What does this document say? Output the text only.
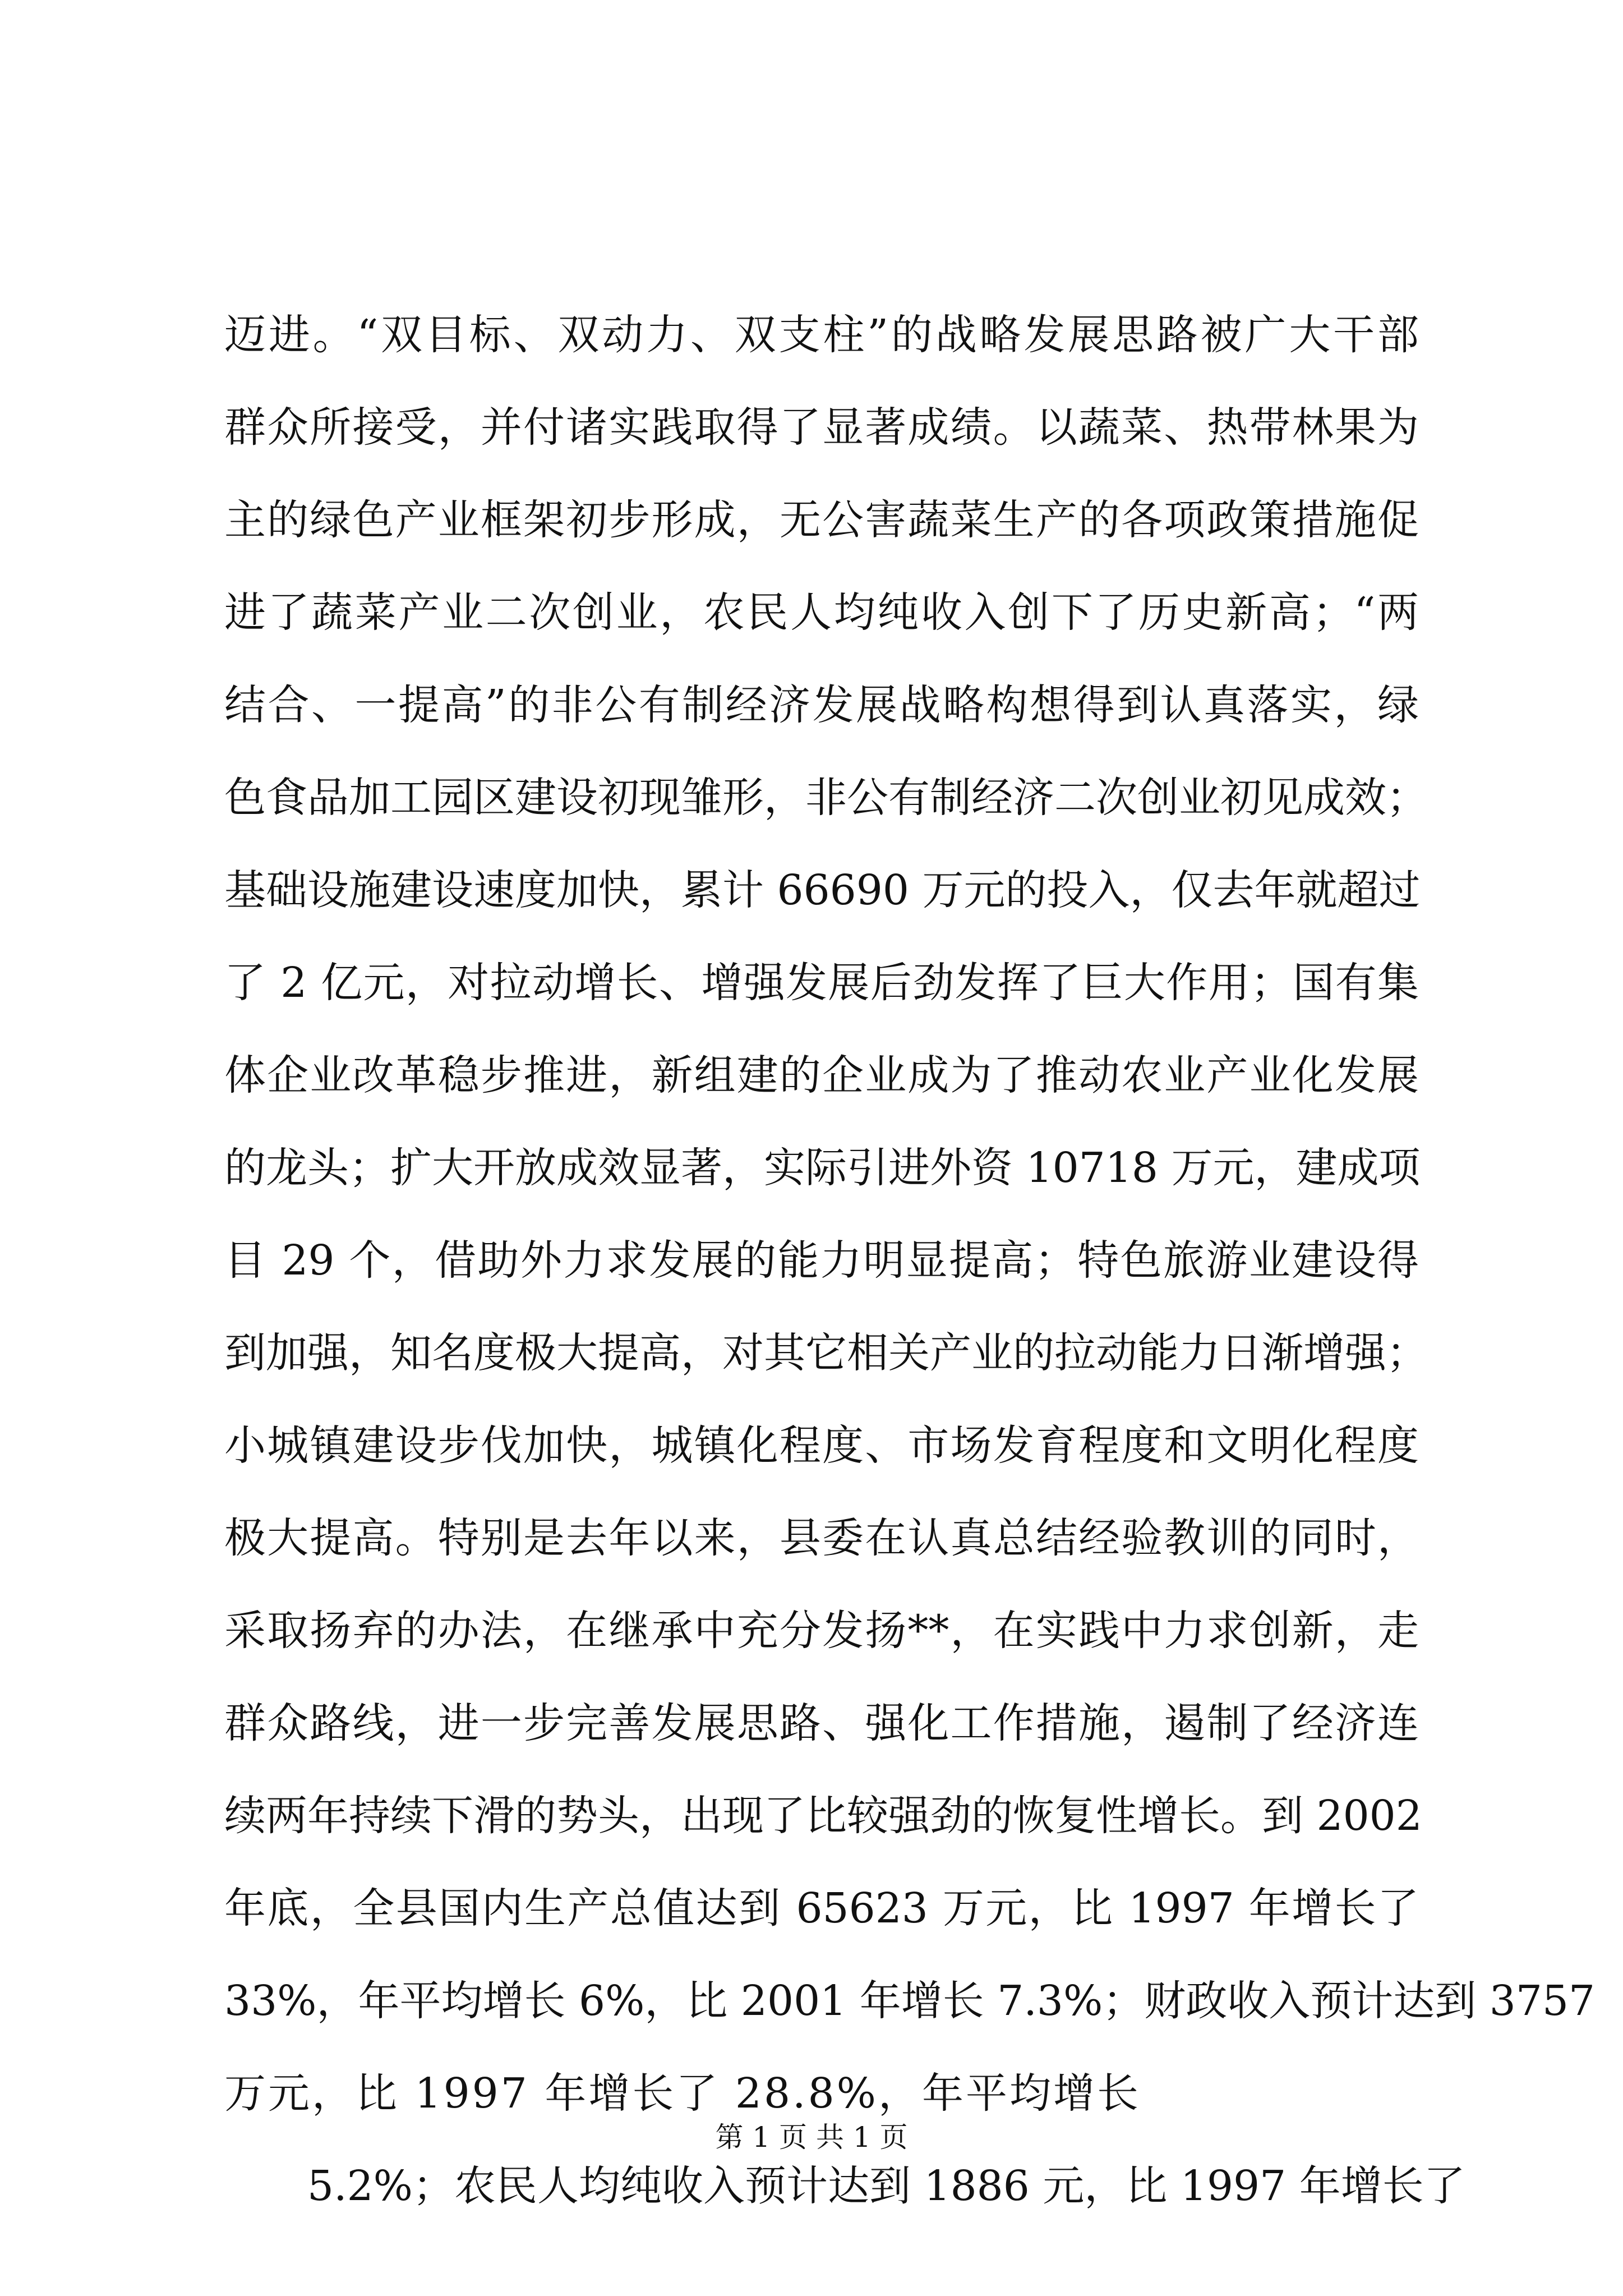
迈进。“双目标、双动力、双支柱”的战略发展思路被广大干部
群众所接受，并付诸实践取得了显著成绩。以蔬菜、热带林果为
主的绿色产业框架初步形成，无公害蔬菜生产的各项政策措施促
进了蔬菜产业二次创业，农民人均纯收入创下了历史新高；“两
结合、一提高”的非公有制经济发展战略构想得到认真落实，绿
色食品加工园区建设初现雏形，非公有制经济二次创业初见成效；
基础设施建设速度加快，累计 66690 万元的投入，仅去年就超过
了 2 亿元，对拉动增长、增强发展后劲发挥了巨大作用；国有集
体企业改革稳步推进，新组建的企业成为了推动农业产业化发展
的龙头；扩大开放成效显著，实际引进外资 10718 万元，建成项
目 29 个，借助外力求发展的能力明显提高；特色旅游业建设得
到加强，知名度极大提高，对其它相关产业的拉动能力日渐增强；
小城镇建设步伐加快，城镇化程度、市场发育程度和文明化程度
极大提高。特别是去年以来，县委在认真总结经验教训的同时，
采取扬弃的办法，在继承中充分发扬**，在实践中力求创新，走
群众路线，进一步完善发展思路、强化工作措施，遏制了经济连
续两年持续下滑的势头，出现了比较强劲的恢复性增长。到 2002
年底，全县国内生产总值达到 65623 万元，比 1997 年增长了
33%，年平均增长 6%，比 2001 年增长 7.3%；财政收入预计达到 3757
万元，比 1997 年增长了 28.8%，年平均增长
5.2%；农民人均纯收入预计达到 1886 元，比 1997 年增长了
第 1 页 共 1 页
